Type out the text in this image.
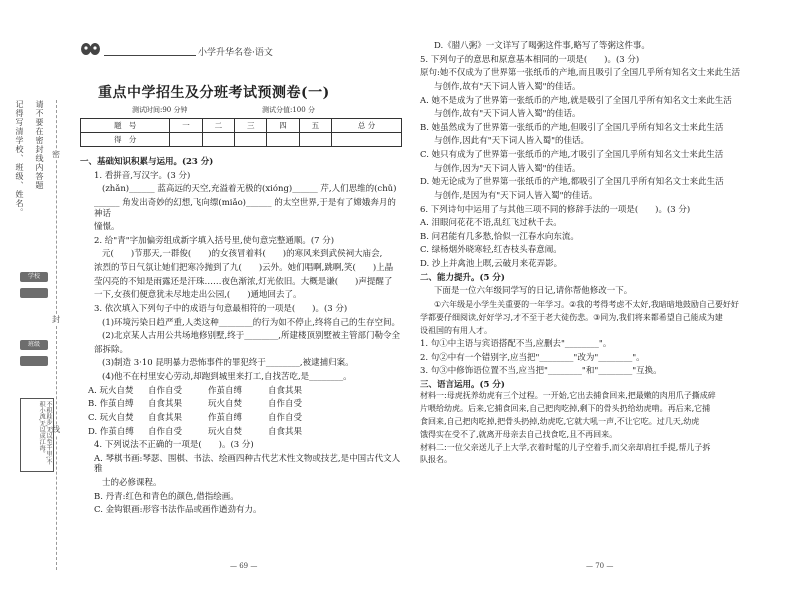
请不要在密封线内答题
记得写清学校、班级、姓名。	密
封
线
学校
班级
不积跬步,无以至千里;不积小流,无以成江海。
小学升华名卷·语文
重点中学招生及分班考试预测卷(一)
测试时间:90 分钟	测试分值:100 分
题　号	一	二	三	四	五	总 分
得　分						

一、基础知识积累与运用。(23 分)

1. 看拼音,写汉字。(3 分)

(zhǎn)______ 蓝高远的天空,充溢着无极的(xióng)______ 芹,人们思维的(chǔ)

______ 角发出奇妙的幻想,飞向缥(miǎo)______ 的太空世界,于是有了嫦娥奔月的神话

憧憬。

2. 给"青"字加偏旁组成新字填入括号里,使句意完整通顺。(7 分)

元(　　)节那天,一群俊(　　)的女孩冒着料(　　)的寒风来到武侯祠大庙会,

浓烈的节日气氛让她们把寒冷抛到了九(　　)云外。她们唱啊,跳啊,笑(　　)上晶

莹闪亮的不知是雨露还是汗珠……夜色渐浓,灯光依旧。大概是谦(　　)声提醒了

一下,女孩们便意犹未尽地走出公园,(　　)通地回去了。

3. 依次填入下列句子中的成语与句意最相符的一项是(　　)。(3 分)

(1)环境污染日趋严重,人类这种________的行为如不停止,终将自己的生存空间。

(2)北京某人古用公共场地修别墅,终于________,所建楼顶别墅被主管部门勒令全

部拆除。

(3)制造 3·10 昆明暴力恐怖事件的罪犯终于________,被逮捕归案。

(4)他不在村里安心劳动,却跑到城里来打工,自找苦吃,是________。

A. 玩火自焚	自作自受	作茧自缚	自食其果
B. 作茧自缚	自食其果	玩火自焚	自作自受
C. 玩火自焚	自食其果	作茧自缚	自作自受
D. 作茧自缚	自作自受	玩火自焚	自食其果

4. 下列说法不正确的一项是(　　)。(3 分)

A. 琴棋书画:琴瑟、围棋、书法、绘画四种古代艺术性文物或技艺,是中国古代文人雅

士的必修课程。

B. 丹青:红色和青色的颜色,借指绘画。

C. 金钩银画:形容书法作品或画作遒劲有力。

— 69 —

D.《腊八粥》一文详写了喝粥这件事,略写了等粥这件事。

5. 下列句子的意思和原意基本相同的一项是(　　)。(3 分)

原句:她不仅成为了世界第一张纸币的产地,而且吸引了全国几乎所有知名文士来此生活

与创作,故有"天下词人皆入蜀"的佳话。

A. 她不是成为了世界第一张纸币的产地,就是吸引了全国几乎所有知名文士来此生活

与创作,故有"天下词人皆入蜀"的佳话。

B. 她虽然成为了世界第一张纸币的产地,但吸引了全国几乎所有知名文士来此生活

与创作,因此有"天下词人皆入蜀"的佳话。

C. 她只有成为了世界第一张纸币的产地,才吸引了全国几乎所有知名文士来此生活

与创作,因为"天下词人皆入蜀"的佳话。

D. 她无论成为了世界第一张纸币的产地,都吸引了全国几乎所有知名文士来此生活

与创作,是因为有"天下词人皆入蜀"的佳话。

6. 下列诗句中运用了与其他三项不同的修辞手法的一项是(　　)。(3 分)

A. 泪眼问花花不语,乱红飞过秋千去。

B. 问君能有几多愁,恰似一江春水向东流。

C. 绿杨烟外晓寒轻,红杏枝头春意闹。

D. 沙上并禽池上暝,云破月来花弄影。

二、能力提升。(5 分)

下面是一位六年级同学写的日记,请你帮他修改一下。

①六年级是小学生关重要的一年学习。②我的考得考虑不太好,我暗暗地鼓励自己要好好

学都要仔细阅读,好好学习,才不至于老大徒伤悲。③同为,我们将来都希望自己能成为建

设祖国的有用人才。

1. 句①中主语与宾语搭配不当,应删去"________"。

2. 句②中有一个错别字,应当把"________"改为"________"。

3. 句③中修饰语位置不当,应当把"________"和"________"互换。

三、语言运用。(5 分)

材料一:母虎抚养幼虎有三个过程。一开始,它出去捕食回来,把最嫩的肉用爪子撕成碎

片喂给幼虎。后来,它捕食回来,自己把肉吃掉,剩下的骨头扔给幼虎啃。再后来,它捕

食回来,自己把肉吃掉,把骨头扔掉,幼虎吃,它就大吼一声,不让它吃。过几天,幼虎

饿得实在受不了,就离开母亲去自己找食吃,且不再回来。

材料二:一位父亲送儿子上大学,衣着时髦的儿子空着手,而父亲却肩扛手提,帮儿子拆

队报名。

— 70 —
